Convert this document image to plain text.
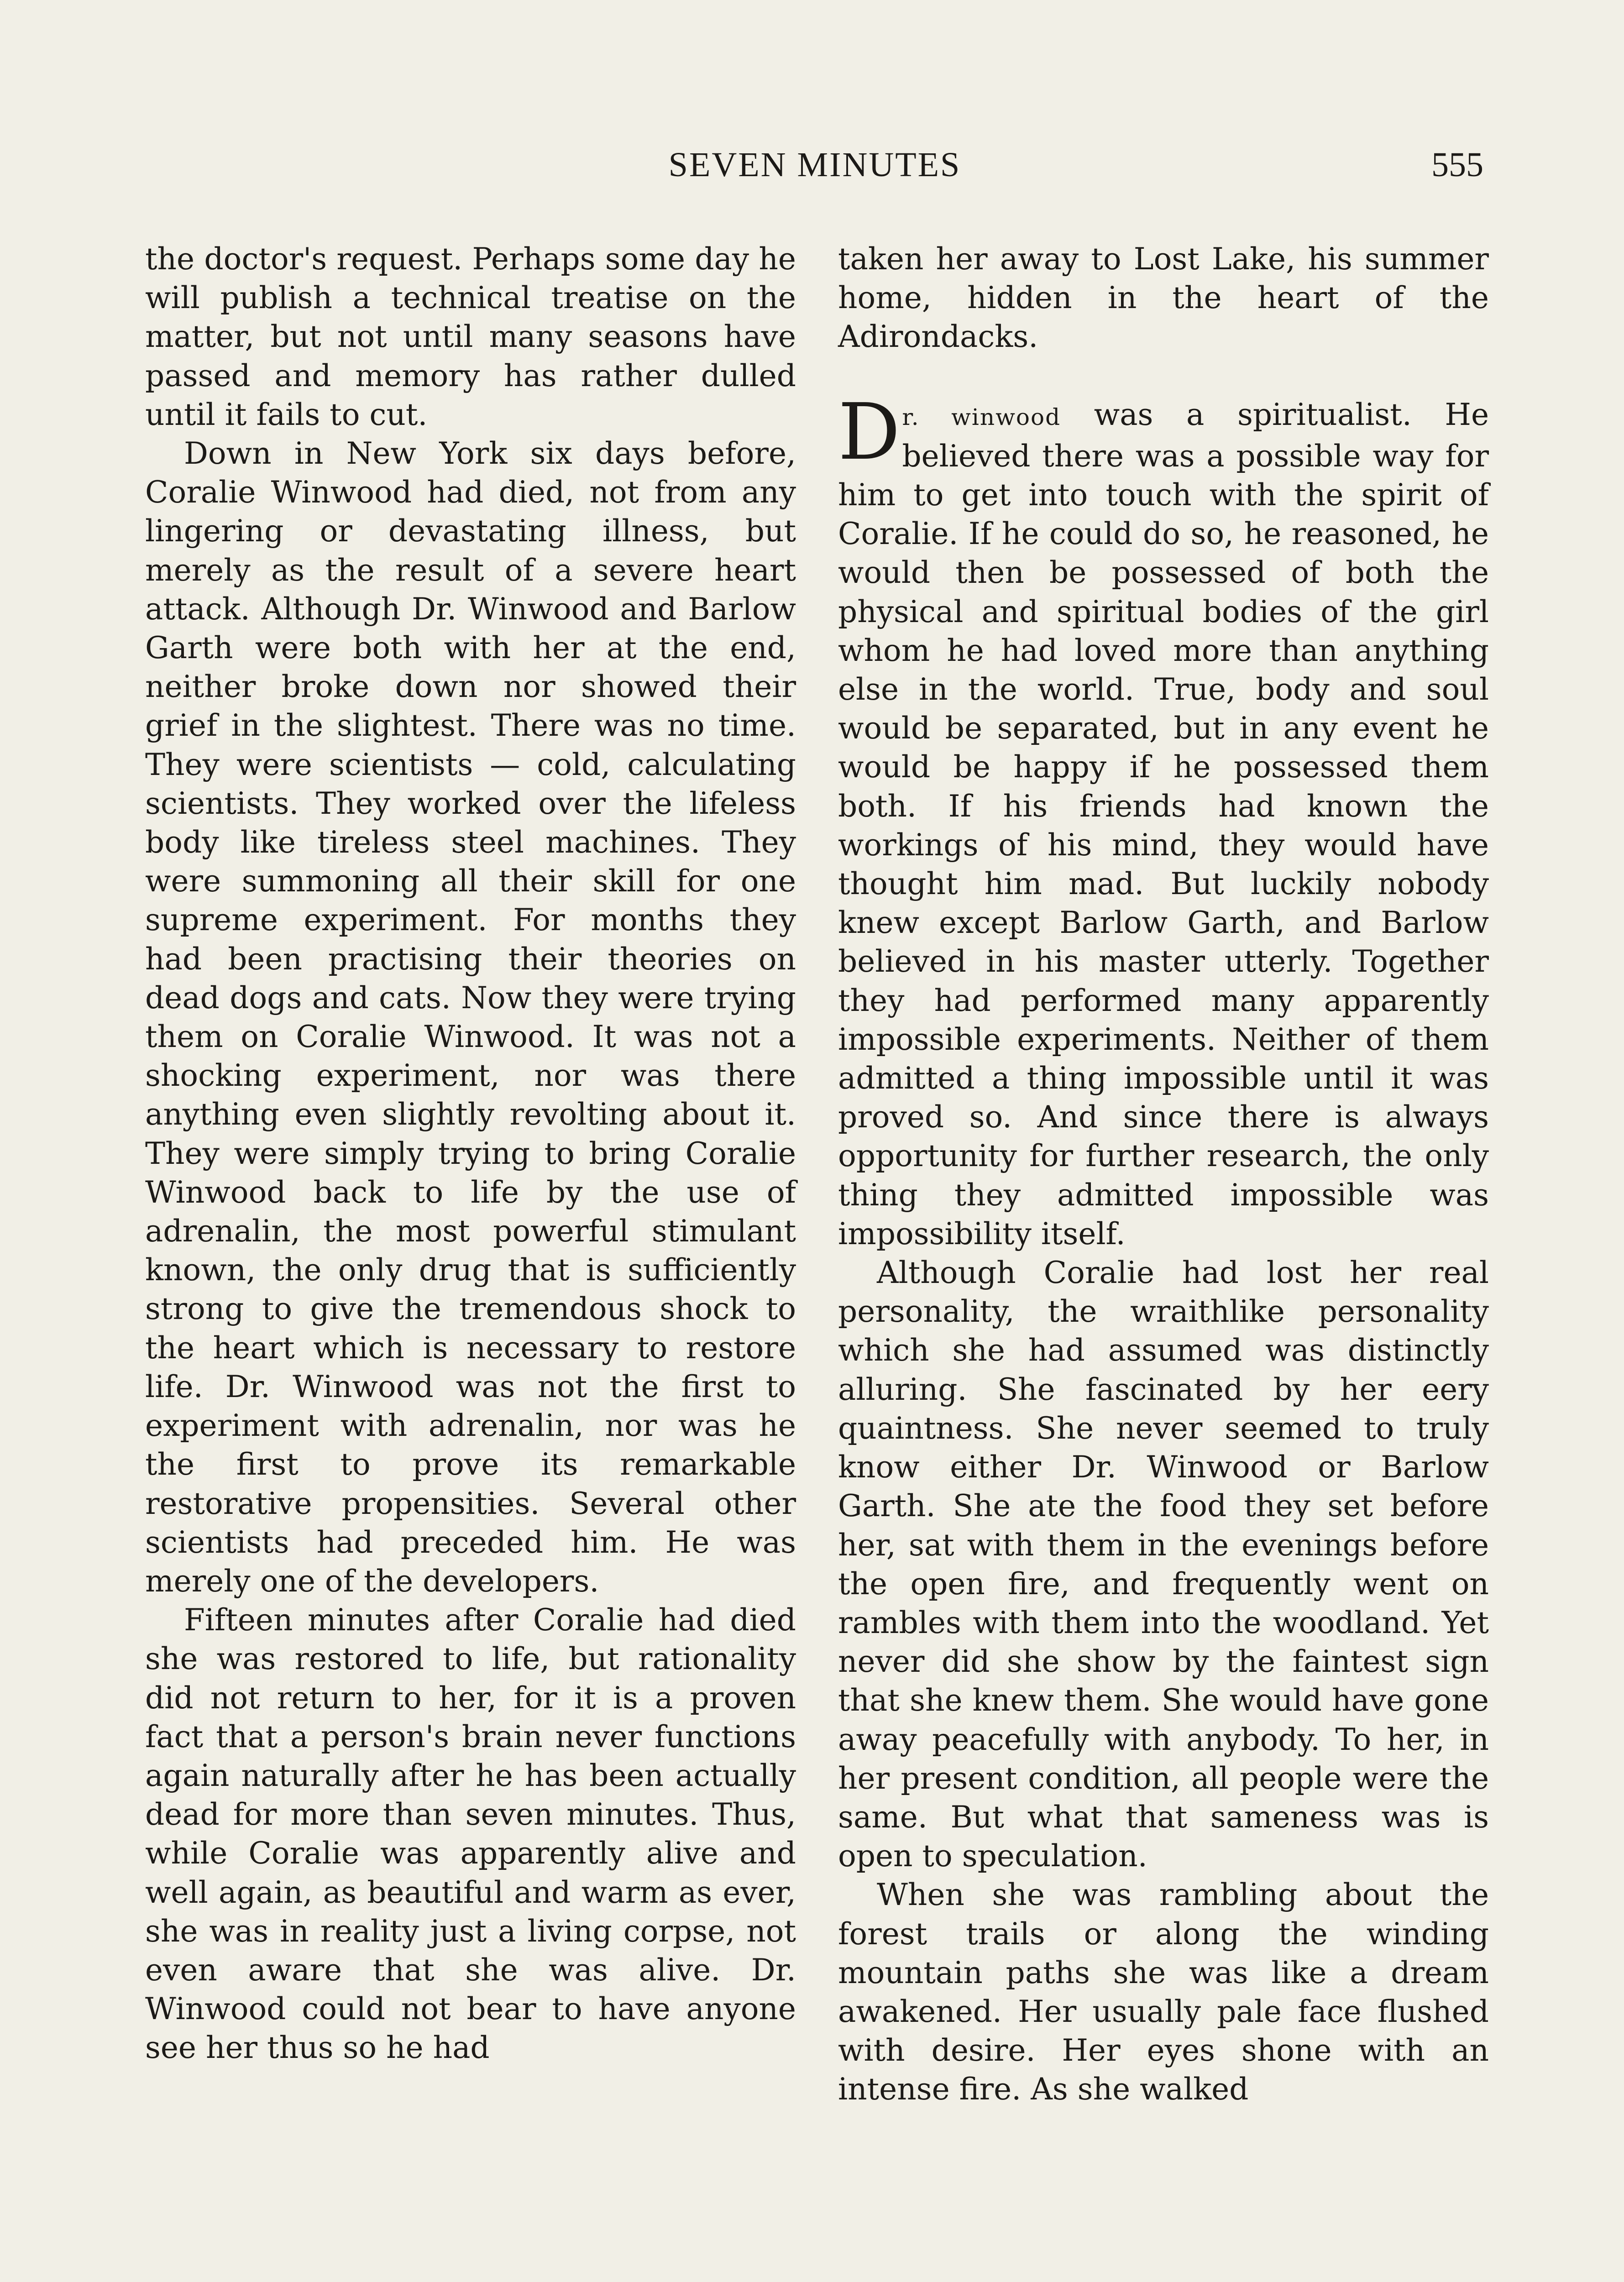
SEVEN MINUTES	555

the doctor's request. Perhaps some day he will publish a technical treatise on the matter, but not until many seasons have passed and memory has rather dulled until it fails to cut.

Down in New York six days before, Coralie Winwood had died, not from any lingering or devastating illness, but merely as the result of a severe heart attack. Although Dr. Winwood and Barlow Garth were both with her at the end, neither broke down nor showed their grief in the slightest. There was no time. They were scientists — cold, calculating scientists. They worked over the lifeless body like tireless steel machines. They were summoning all their skill for one supreme experiment. For months they had been practising their theories on dead dogs and cats. Now they were trying them on Coralie Winwood. It was not a shocking experiment, nor was there anything even slightly revolting about it. They were simply trying to bring Coralie Winwood back to life by the use of adrenalin, the most powerful stimulant known, the only drug that is sufficiently strong to give the tremendous shock to the heart which is necessary to restore life. Dr. Winwood was not the first to experiment with adrenalin, nor was he the first to prove its remarkable restorative propensities. Several other scientists had preceded him. He was merely one of the developers.

Fifteen minutes after Coralie had died she was restored to life, but rationality did not return to her, for it is a proven fact that a person's brain never functions again naturally after he has been actually dead for more than seven minutes. Thus, while Coralie was apparently alive and well again, as beautiful and warm as ever, she was in reality just a living corpse, not even aware that she was alive. Dr. Winwood could not bear to have anyone see her thus so he had

taken her away to Lost Lake, his summer home, hidden in the heart of the Adirondacks.

Dr. winwood was a spiritualist. He believed there was a possible way for him to get into touch with the spirit of Coralie. If he could do so, he reasoned, he would then be possessed of both the physical and spiritual bodies of the girl whom he had loved more than anything else in the world. True, body and soul would be separated, but in any event he would be happy if he possessed them both. If his friends had known the workings of his mind, they would have thought him mad. But luckily nobody knew except Barlow Garth, and Barlow believed in his master utterly. Together they had performed many apparently impossible experiments. Neither of them admitted a thing impossible until it was proved so. And since there is always opportunity for further research, the only thing they admitted impossible was impossibility itself.

Although Coralie had lost her real personality, the wraithlike personality which she had assumed was distinctly alluring. She fascinated by her eery quaintness. She never seemed to truly know either Dr. Winwood or Barlow Garth. She ate the food they set before her, sat with them in the evenings before the open fire, and frequently went on rambles with them into the woodland. Yet never did she show by the faintest sign that she knew them. She would have gone away peacefully with anybody. To her, in her present condition, all people were the same. But what that sameness was is open to speculation.

When she was rambling about the forest trails or along the winding mountain paths she was like a dream awakened. Her usually pale face flushed with desire. Her eyes shone with an intense fire. As she walked
